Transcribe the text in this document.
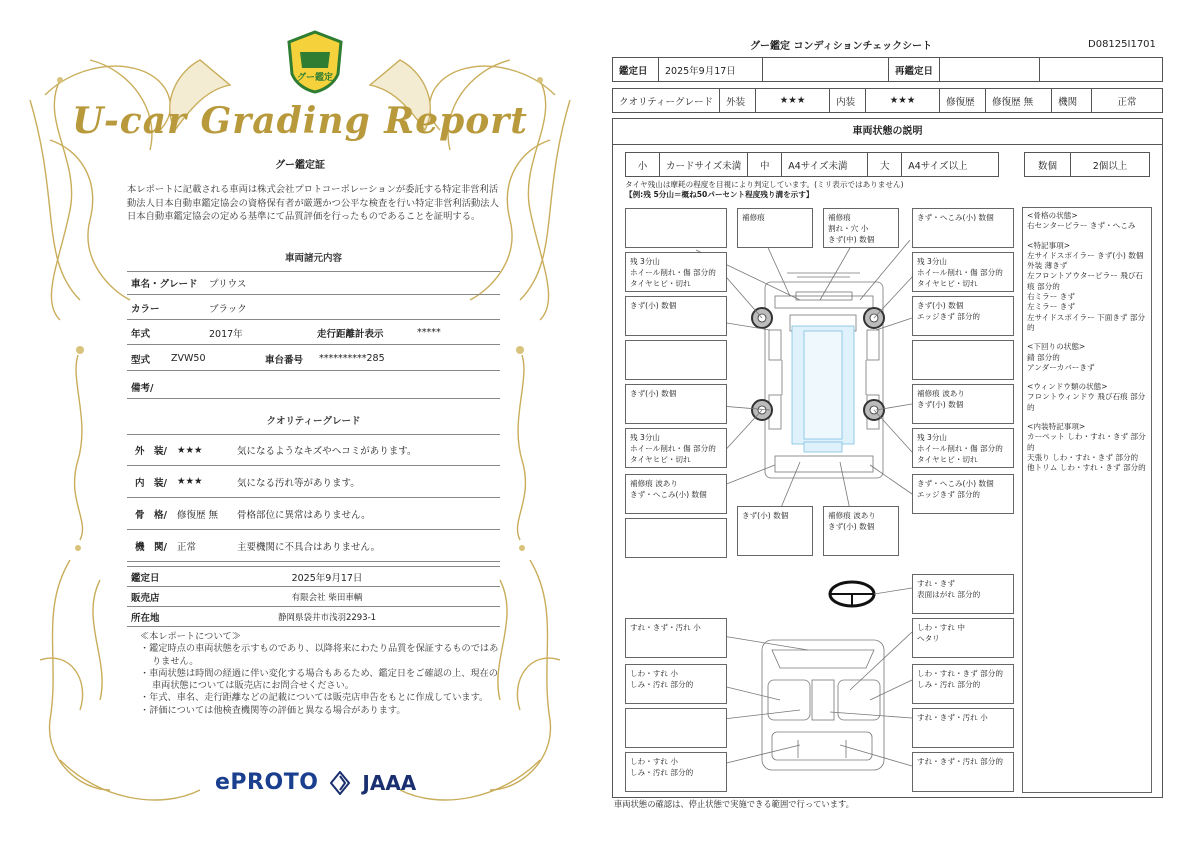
グー鑑定
U-car Grading Report
グー鑑定証
本レポートに記載される車両は株式会社プロトコーポレーションが委託する特定非営利活動法人日本自動車鑑定協会の資格保有者が厳選かつ公平な検査を行い特定非営利活動法人日本自動車鑑定協会の定める基準にて品質評価を行ったものであることを証明する。
車両諸元内容
車名・グレード	プリウス
カラー	ブラック
年式	2017年	走行距離計表示	*****
型式	ZVW50	車台番号	**********285
備考/
クオリティーグレード
外　装/	★★★	気になるようなキズやヘコミがあります。
内　装/	★★★	気になる汚れ等があります。
骨　格/	修復歴 無	骨格部位に異常はありません。
機　関/	正常	主要機関に不具合はありません。
鑑定日	2025年9月17日
販売店	有限会社 柴田車輌
所在地	静岡県袋井市浅羽2293-1
≪本レポートについて≫
・鑑定時点の車両状態を示すものであり、以降将来にわたり品質を保証するものではありません。
・車両状態は時間の経過に伴い変化する場合もあるため、鑑定日をご確認の上、現在の車両状態については販売店にお問合せください。
・年式、車名、走行距離などの記載については販売店申告をもとに作成しています。
・評価については他検査機関等の評価と異なる場合があります。
ePROTO JAAA
グー鑑定 コンディションチェックシート	D08125I1701
鑑定日	2025年9月17日		再鑑定日		
クオリティーグレード	外装	★★★	内装	★★★	修復歴	修復歴 無	機関	正常
車両状態の説明
小	カードサイズ未満	中	A4サイズ未満	大	A4サイズ以上	数個	2個以上
タイヤ残山は摩耗の程度を目視により判定しています。(ミリ表示ではありません)
【例:残 5分山＝概ね50パーセント程度残り溝を示す】
補修痕	補修痕
割れ・穴 小
きず(中) 数個
きず・へこみ(小) 数個
残 3分山
ホイール削れ・傷 部分的
タイヤヒビ・切れ
残 3分山
ホイール削れ・傷 部分的
タイヤヒビ・切れ
きず(小) 数個	きず(小) 数個
エッジきず 部分的
きず(小) 数個	補修痕 波あり
きず(小) 数個
残 3分山
ホイール削れ・傷 部分的
タイヤヒビ・切れ
残 3分山
ホイール削れ・傷 部分的
タイヤヒビ・切れ
補修痕 波あり
きず・へこみ(小) 数個
きず・へこみ(小) 数個
エッジきず 部分的
きず(小) 数個	補修痕 波あり
きず(小) 数個
すれ・きず
表面はがれ 部分的
すれ・きず・汚れ 小	しわ・すれ 中
へタリ
しわ・すれ 小
しみ・汚れ 部分的
しわ・すれ・きず 部分的
しみ・汚れ 部分的
すれ・きず・汚れ 小
しわ・すれ 小
しみ・汚れ 部分的
すれ・きず・汚れ 部分的
<骨格の状態>
右センターピラー きず・へこみ
<特記事項>
左サイドスポイラー きず(小) 数個
外装 薄きず
左フロントアウターピラー 飛び石痕 部分的
右ミラー きず
左ミラー きず
左サイドスポイラー 下面きず 部分的
<下回りの状態>
錆 部分的
アンダーカバーきず
<ウィンドウ類の状態>
フロントウィンドウ 飛び石痕 部分的
<内装特記事項>
カーペット しわ・すれ・きず 部分的
天張り しわ・すれ・きず 部分的
他トリム しわ・すれ・きず 部分的
車両状態の確認は、停止状態で実施できる範囲で行っています。
